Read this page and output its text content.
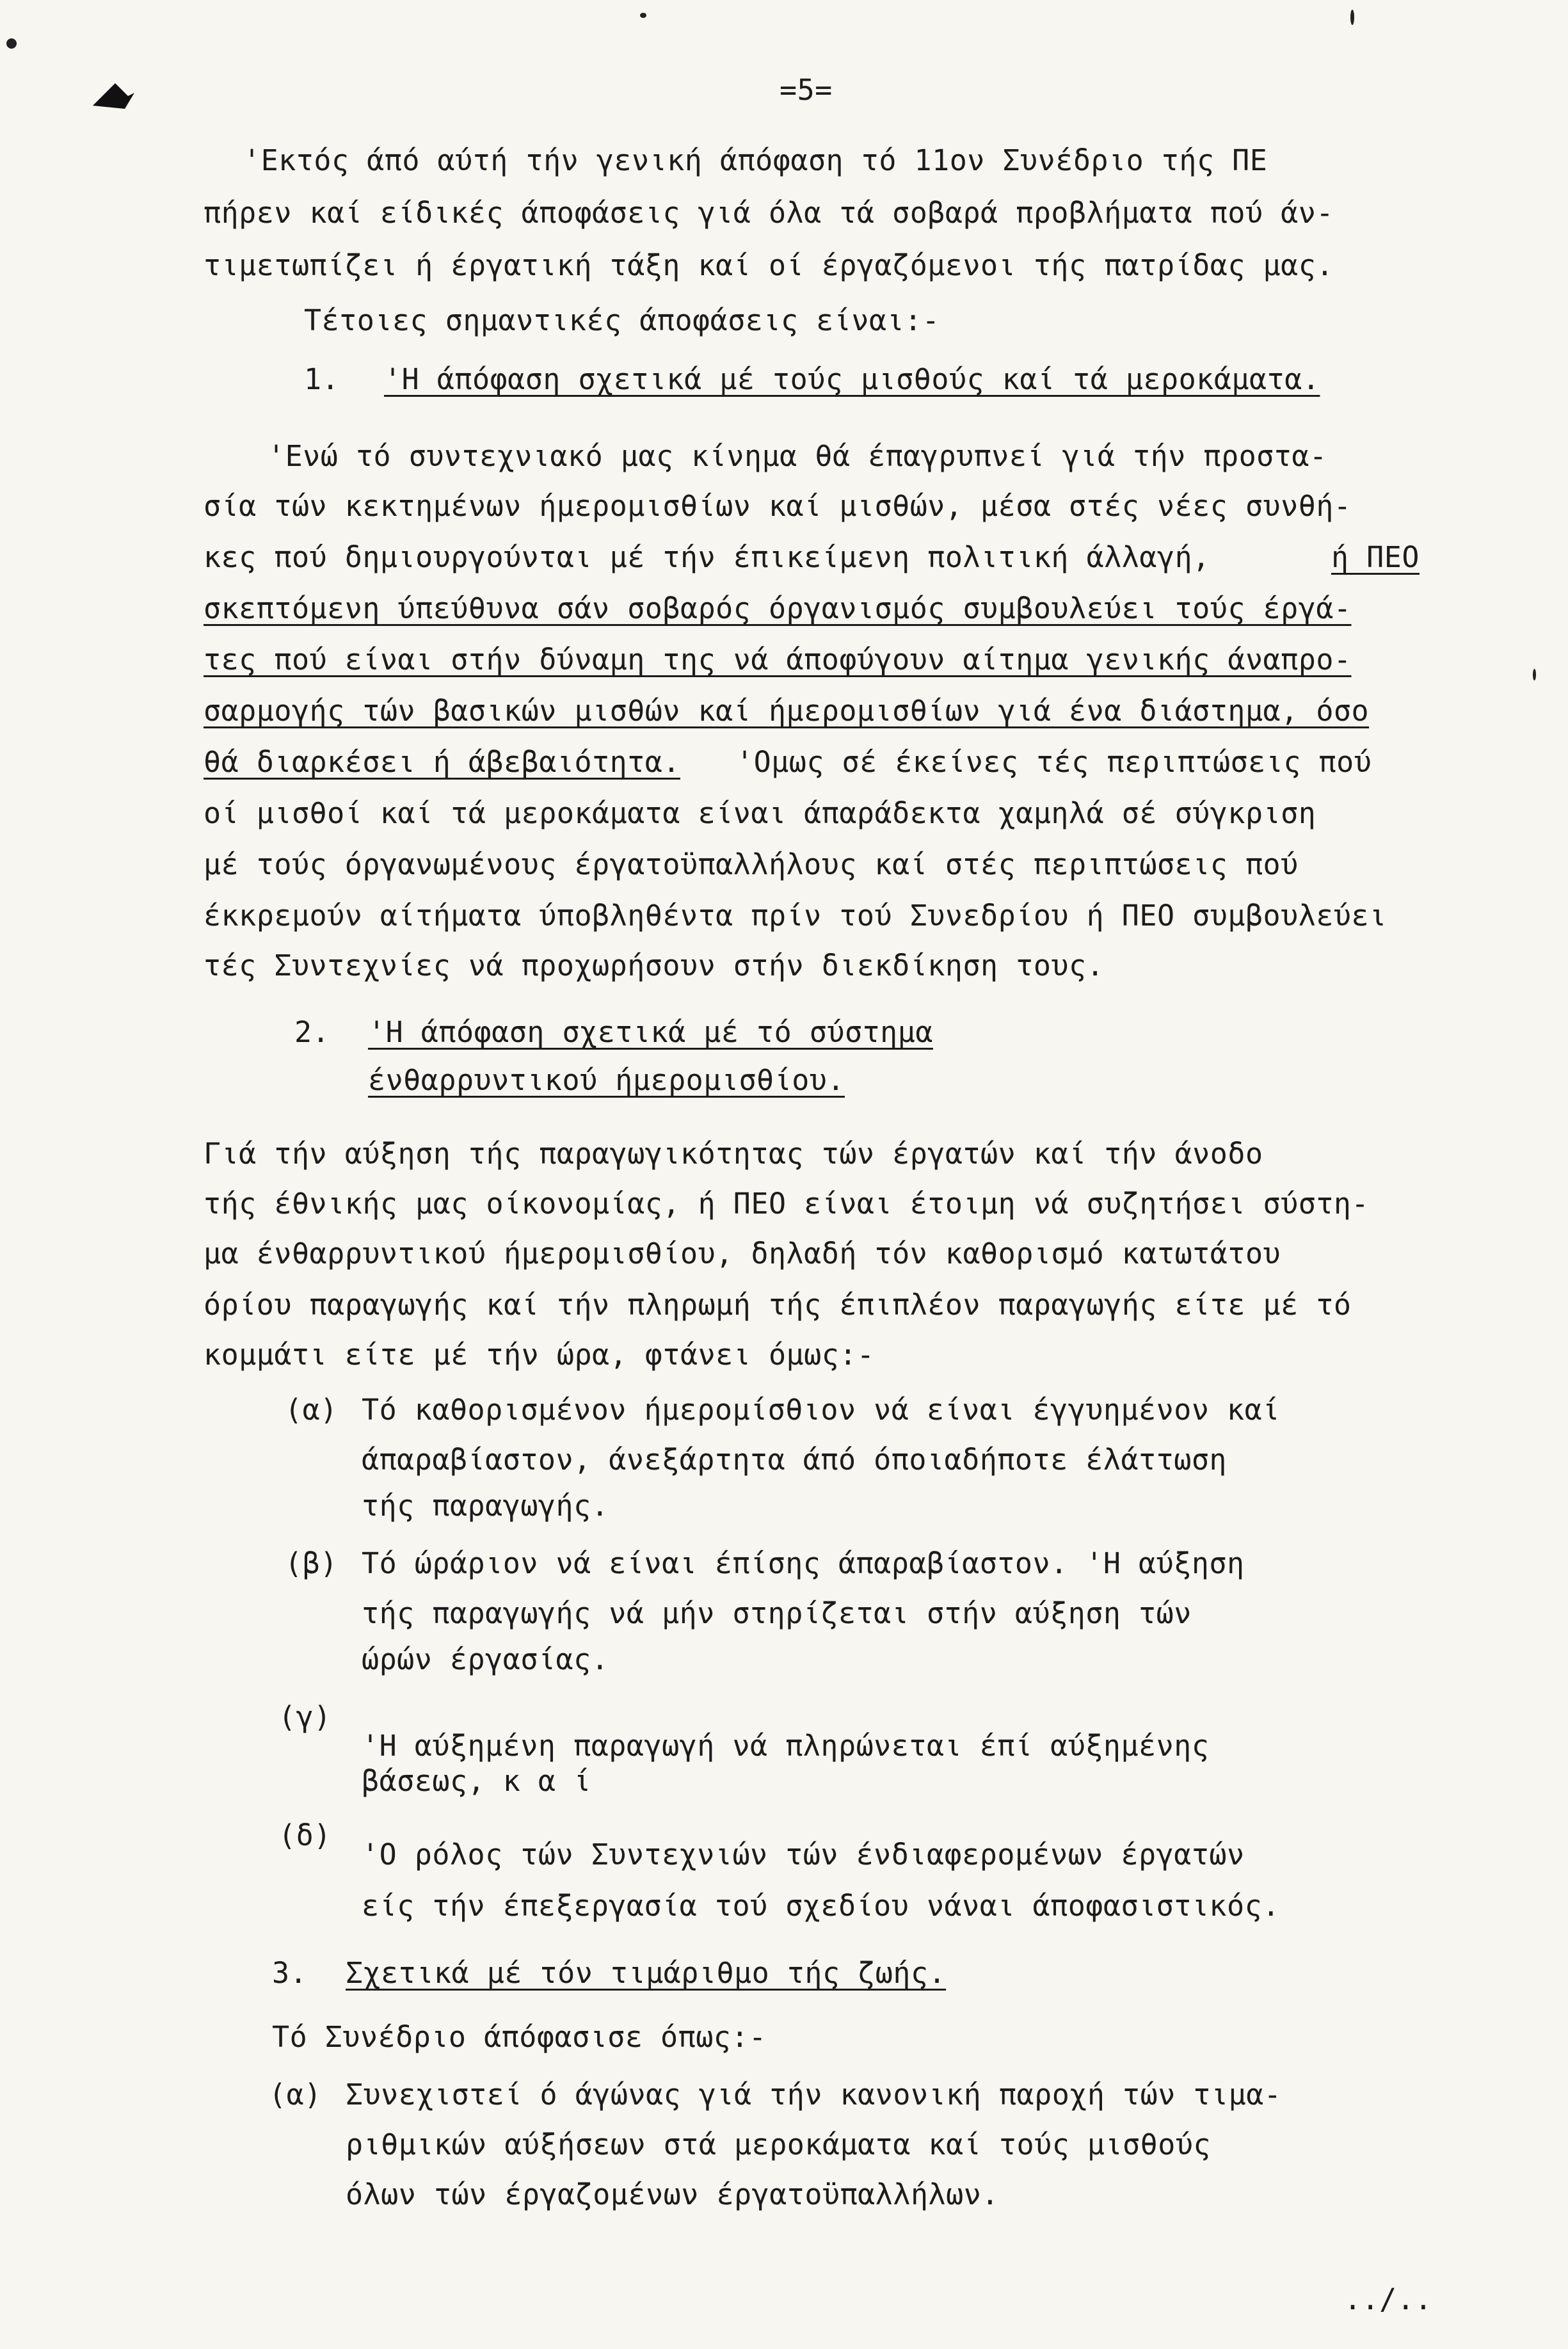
=5=
'Εκτός άπό αύτή τήν γενική άπόφαση τό 11ον Συνέδριο τής ΠΕ
πήρεν καί είδικές άποφάσεις γιά όλα τά σοβαρά προβλήματα πού άν-
τιμετωπίζει ή έργατική τάξη καί οί έργαζόμενοι τής πατρίδας μας.
Τέτοιες σημαντικές άποφάσεις είναι:-
1. 'Η άπόφαση σχετικά μέ τούς μισθούς καί τά μεροκάματα.
'Ενώ τό συντεχνιακό μας κίνημα θά έπαγρυπνεί γιά τήν προστα-
σία τών κεκτημένων ήμερομισθίων καί μισθών, μέσα στές νέες συνθή-
κες πού δημιουργούνται μέ τήν έπικείμενη πολιτική άλλαγή,	ή ΠΕΟ
σκεπτόμενη ύπεύθυνα σάν σοβαρός όργανισμός συμβουλεύει τούς έργά-
τες πού είναι στήν δύναμη της νά άποφύγουν αίτημα γενικής άναπρο-
σαρμογής τών βασικών μισθών καί ήμερομισθίων γιά ένα διάστημα, όσο
θά διαρκέσει ή άβεβαιότητα. 'Ομως σέ έκείνες τές περιπτώσεις πού
οί μισθοί καί τά μεροκάματα είναι άπαράδεκτα χαμηλά σέ σύγκριση
μέ τούς όργανωμένους έργατοϋπαλλήλους καί στές περιπτώσεις πού
έκκρεμούν αίτήματα ύποβληθέντα πρίν τού Συνεδρίου ή ΠΕΟ συμβουλεύει
τές Συντεχνίες νά προχωρήσουν στήν διεκδίκηση τους.
2. 'Η άπόφαση σχετικά μέ τό σύστημα
ένθαρρυντικού ήμερομισθίου.
Γιά τήν αύξηση τής παραγωγικότητας τών έργατών καί τήν άνοδο
τής έθνικής μας οίκονομίας, ή ΠΕΟ είναι έτοιμη νά συζητήσει σύστη-
μα ένθαρρυντικού ήμερομισθίου, δηλαδή τόν καθορισμό κατωτάτου
όρίου παραγωγής καί τήν πληρωμή τής έπιπλέον παραγωγής είτε μέ τό
κομμάτι είτε μέ τήν ώρα, φτάνει όμως:-
(α) Τό καθορισμένον ήμερομίσθιον νά είναι έγγυημένον καί
άπαραβίαστον, άνεξάρτητα άπό όποιαδήποτε έλάττωση
τής παραγωγής.
(β) Τό ώράριον νά είναι έπίσης άπαραβίαστον. 'Η αύξηση
τής παραγωγής νά μήν στηρίζεται στήν αύξηση τών
ώρών έργασίας.
(γ)
'Η αύξημένη παραγωγή νά πληρώνεται έπί αύξημένης
βάσεως, κ α ί
(δ)
'Ο ρόλος τών Συντεχνιών τών ένδιαφερομένων έργατών
είς τήν έπεξεργασία τού σχεδίου νάναι άποφασιστικός.
3. Σχετικά μέ τόν τιμάριθμο τής ζωής.
Τό Συνέδριο άπόφασισε όπως:-
(α) Συνεχιστεί ό άγώνας γιά τήν κανονική παροχή τών τιμα-
ριθμικών αύξήσεων στά μεροκάματα καί τούς μισθούς
όλων τών έργαζομένων έργατοϋπαλλήλων.
../..
